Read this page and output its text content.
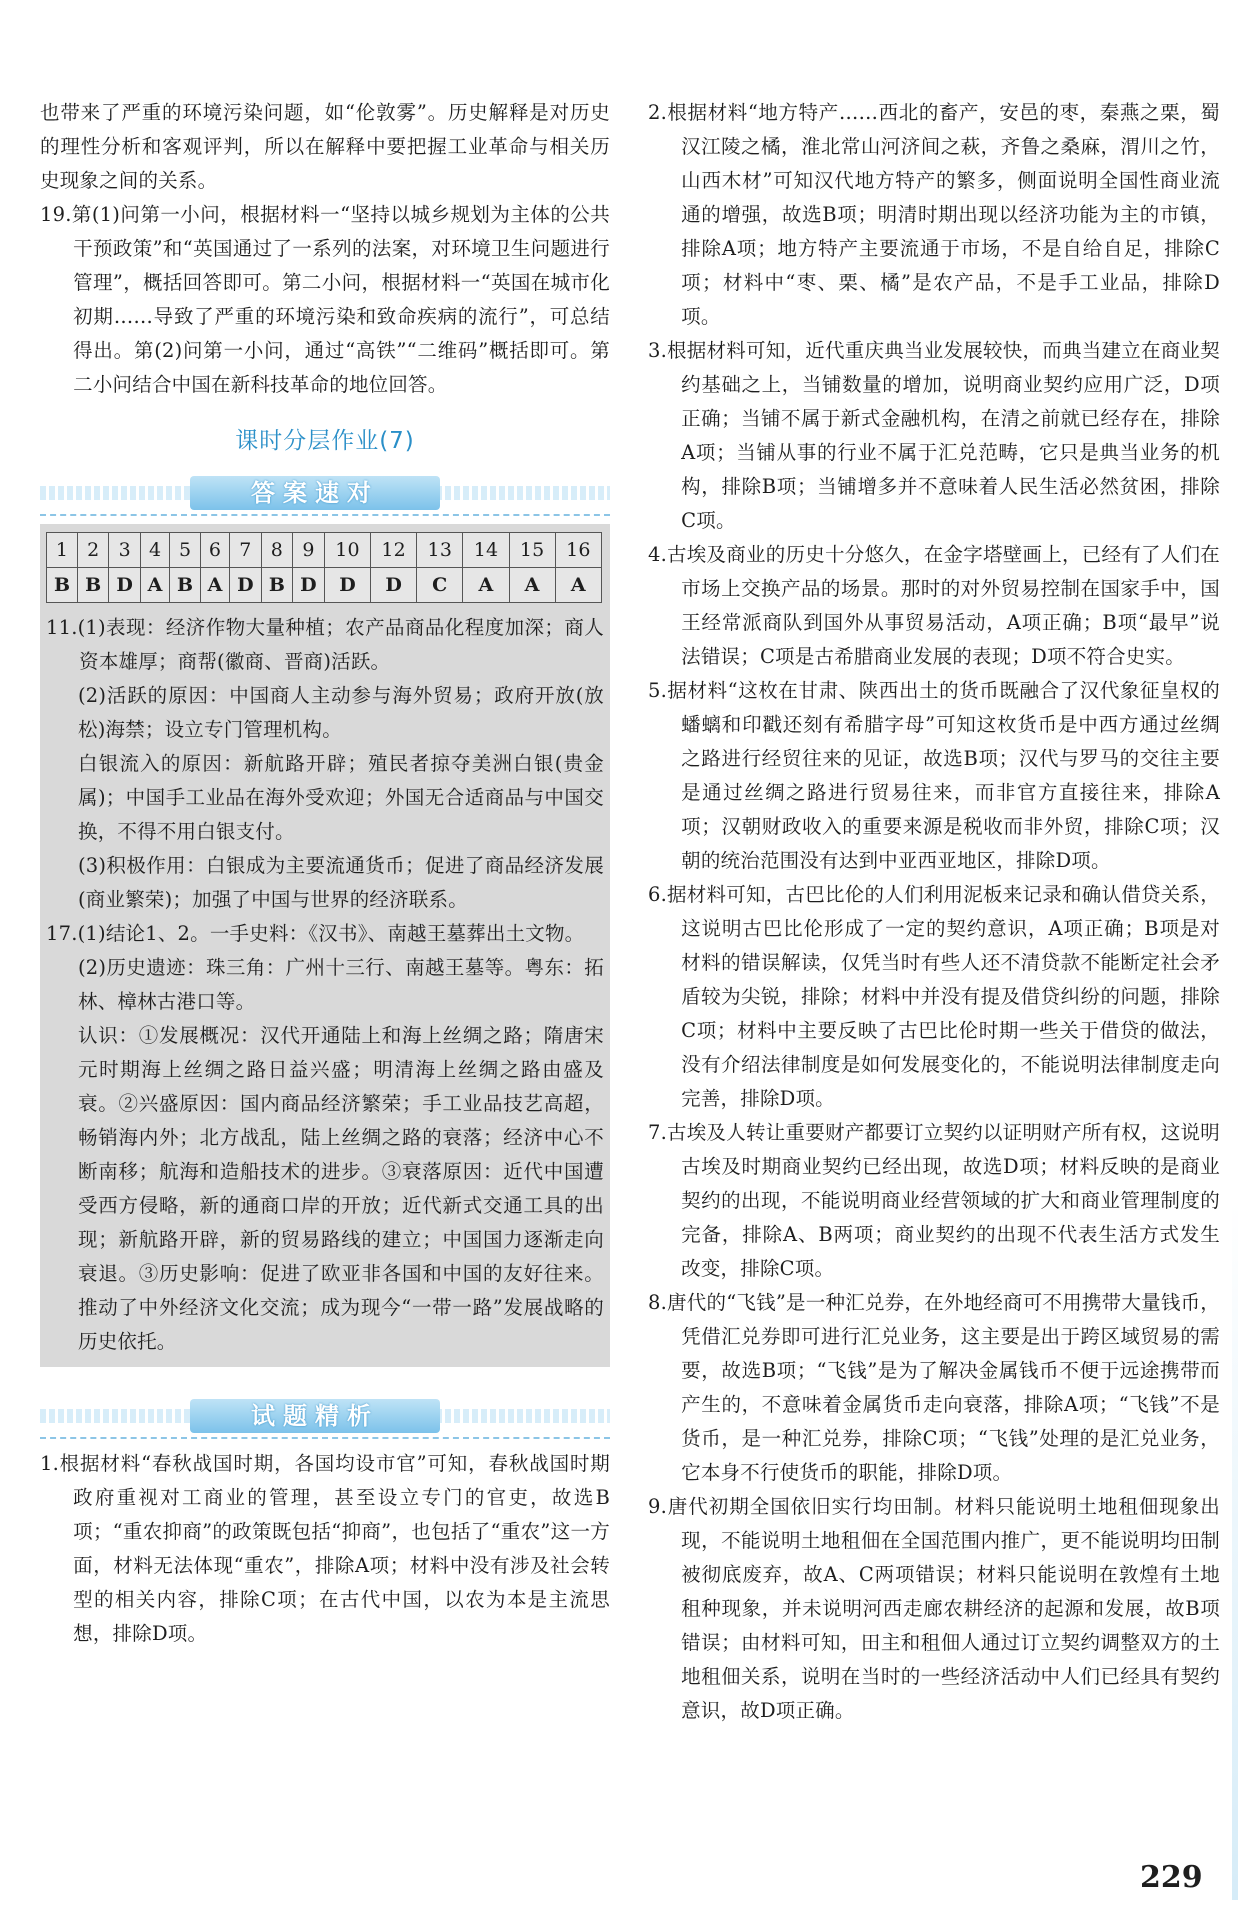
也带来了严重的环境污染问题，如“伦敦雾”。历史解释是对历史的理性分析和客观评判，所以在解释中要把握工业革命与相关历史现象之间的关系。

19.第(1)问第一小问，根据材料一“坚持以城乡规划为主体的公共干预政策”和“英国通过了一系列的法案，对环境卫生问题进行管理”，概括回答即可。第二小问，根据材料一“英国在城市化初期……导致了严重的环境污染和致命疾病的流行”，可总结得出。第(2)问第一小问，通过“高铁”“二维码”概括即可。第二小问结合中国在新科技革命的地位回答。

课时分层作业(7)
答案速对
1	2	3	4	5	6	7	8	9	10	12	13	14	15	16
B	B	D	A	B	A	D	B	D	D	D	C	A	A	A

11.(1)表现：经济作物大量种植；农产品商品化程度加深；商人资本雄厚；商帮(徽商、晋商)活跃。

(2)活跃的原因：中国商人主动参与海外贸易；政府开放(放松)海禁；设立专门管理机构。

白银流入的原因：新航路开辟；殖民者掠夺美洲白银(贵金属)；中国手工业品在海外受欢迎；外国无合适商品与中国交换，不得不用白银支付。

(3)积极作用：白银成为主要流通货币；促进了商品经济发展(商业繁荣)；加强了中国与世界的经济联系。

17.(1)结论1、2。一手史料：《汉书》、南越王墓葬出土文物。

(2)历史遗迹：珠三角：广州十三行、南越王墓等。粤东：拓林、樟林古港口等。

认识：①发展概况：汉代开通陆上和海上丝绸之路；隋唐宋元时期海上丝绸之路日益兴盛；明清海上丝绸之路由盛及衰。②兴盛原因：国内商品经济繁荣；手工业品技艺高超，畅销海内外；北方战乱，陆上丝绸之路的衰落；经济中心不断南移；航海和造船技术的进步。③衰落原因：近代中国遭受西方侵略，新的通商口岸的开放；近代新式交通工具的出现；新航路开辟，新的贸易路线的建立；中国国力逐渐走向衰退。③历史影响：促进了欧亚非各国和中国的友好往来。推动了中外经济文化交流；成为现今“一带一路”发展战略的历史依托。

试题精析

1.根据材料“春秋战国时期，各国均设市官”可知，春秋战国时期政府重视对工商业的管理，甚至设立专门的官吏，故选B项；“重农抑商”的政策既包括“抑商”，也包括了“重农”这一方面，材料无法体现“重农”，排除A项；材料中没有涉及社会转型的相关内容，排除C项；在古代中国，以农为本是主流思想，排除D项。

2.根据材料“地方特产……西北的畜产，安邑的枣，秦燕之栗，蜀汉江陵之橘，淮北常山河济间之萩，齐鲁之桑麻，渭川之竹，山西木材”可知汉代地方特产的繁多，侧面说明全国性商业流通的增强，故选B项；明清时期出现以经济功能为主的市镇，排除A项；地方特产主要流通于市场，不是自给自足，排除C项；材料中“枣、栗、橘”是农产品，不是手工业品，排除D项。

3.根据材料可知，近代重庆典当业发展较快，而典当建立在商业契约基础之上，当铺数量的增加，说明商业契约应用广泛，D项正确；当铺不属于新式金融机构，在清之前就已经存在，排除A项；当铺从事的行业不属于汇兑范畴，它只是典当业务的机构，排除B项；当铺增多并不意味着人民生活必然贫困，排除C项。

4.古埃及商业的历史十分悠久，在金字塔壁画上，已经有了人们在市场上交换产品的场景。那时的对外贸易控制在国家手中，国王经常派商队到国外从事贸易活动，A项正确；B项“最早”说法错误；C项是古希腊商业发展的表现；D项不符合史实。

5.据材料“这枚在甘肃、陕西出土的货币既融合了汉代象征皇权的蟠螭和印戳还刻有希腊字母”可知这枚货币是中西方通过丝绸之路进行经贸往来的见证，故选B项；汉代与罗马的交往主要是通过丝绸之路进行贸易往来，而非官方直接往来，排除A项；汉朝财政收入的重要来源是税收而非外贸，排除C项；汉朝的统治范围没有达到中亚西亚地区，排除D项。

6.据材料可知，古巴比伦的人们利用泥板来记录和确认借贷关系，这说明古巴比伦形成了一定的契约意识，A项正确；B项是对材料的错误解读，仅凭当时有些人还不清贷款不能断定社会矛盾较为尖锐，排除；材料中并没有提及借贷纠纷的问题，排除C项；材料中主要反映了古巴比伦时期一些关于借贷的做法，没有介绍法律制度是如何发展变化的，不能说明法律制度走向完善，排除D项。

7.古埃及人转让重要财产都要订立契约以证明财产所有权，这说明古埃及时期商业契约已经出现，故选D项；材料反映的是商业契约的出现，不能说明商业经营领域的扩大和商业管理制度的完备，排除A、B两项；商业契约的出现不代表生活方式发生改变，排除C项。

8.唐代的“飞钱”是一种汇兑券，在外地经商可不用携带大量钱币，凭借汇兑券即可进行汇兑业务，这主要是出于跨区域贸易的需要，故选B项；“飞钱”是为了解决金属钱币不便于远途携带而产生的，不意味着金属货币走向衰落，排除A项；“飞钱”不是货币，是一种汇兑券，排除C项；“飞钱”处理的是汇兑业务，它本身不行使货币的职能，排除D项。

9.唐代初期全国依旧实行均田制。材料只能说明土地租佃现象出现，不能说明土地租佃在全国范围内推广，更不能说明均田制被彻底废弃，故A、C两项错误；材料只能说明在敦煌有土地租种现象，并未说明河西走廊农耕经济的起源和发展，故B项错误；由材料可知，田主和租佃人通过订立契约调整双方的土地租佃关系，说明在当时的一些经济活动中人们已经具有契约意识，故D项正确。

229
